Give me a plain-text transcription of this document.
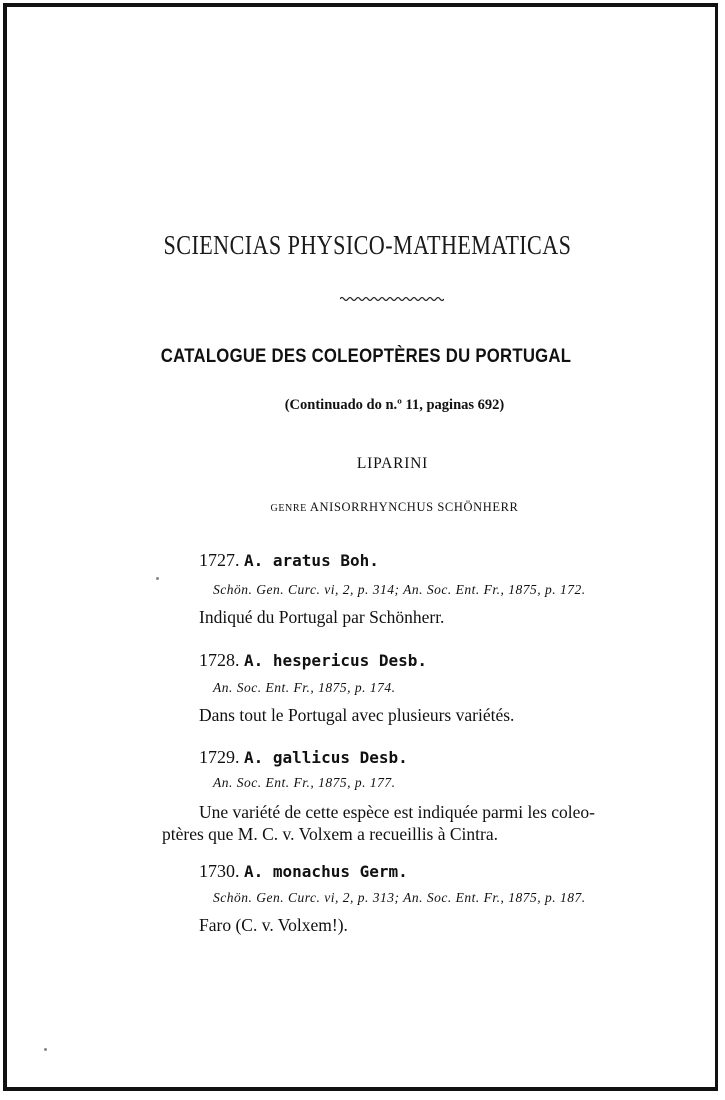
SCIENCIAS PHYSICO-MATHEMATICAS
CATALOGUE DES COLEOPTÈRES DU PORTUGAL
(Continuado do n.º 11, paginas 692)
LIPARINI
GENRE ANISORRHYNCHUS SCHÖNHERR
1727. A. aratus Boh.
Schön. Gen. Curc. vi, 2, p. 314; An. Soc. Ent. Fr., 1875, p. 172.
Indiqué du Portugal par Schönherr.
1728. A. hespericus Desb.
An. Soc. Ent. Fr., 1875, p. 174.
Dans tout le Portugal avec plusieurs variétés.
1729. A. gallicus Desb.
An. Soc. Ent. Fr., 1875, p. 177.
Une variété de cette espèce est indiquée parmi les coleo-
ptères que M. C. v. Volxem a recueillis à Cintra.
1730. A. monachus Germ.
Schön. Gen. Curc. vi, 2, p. 313; An. Soc. Ent. Fr., 1875, p. 187.
Faro (C. v. Volxem!).
